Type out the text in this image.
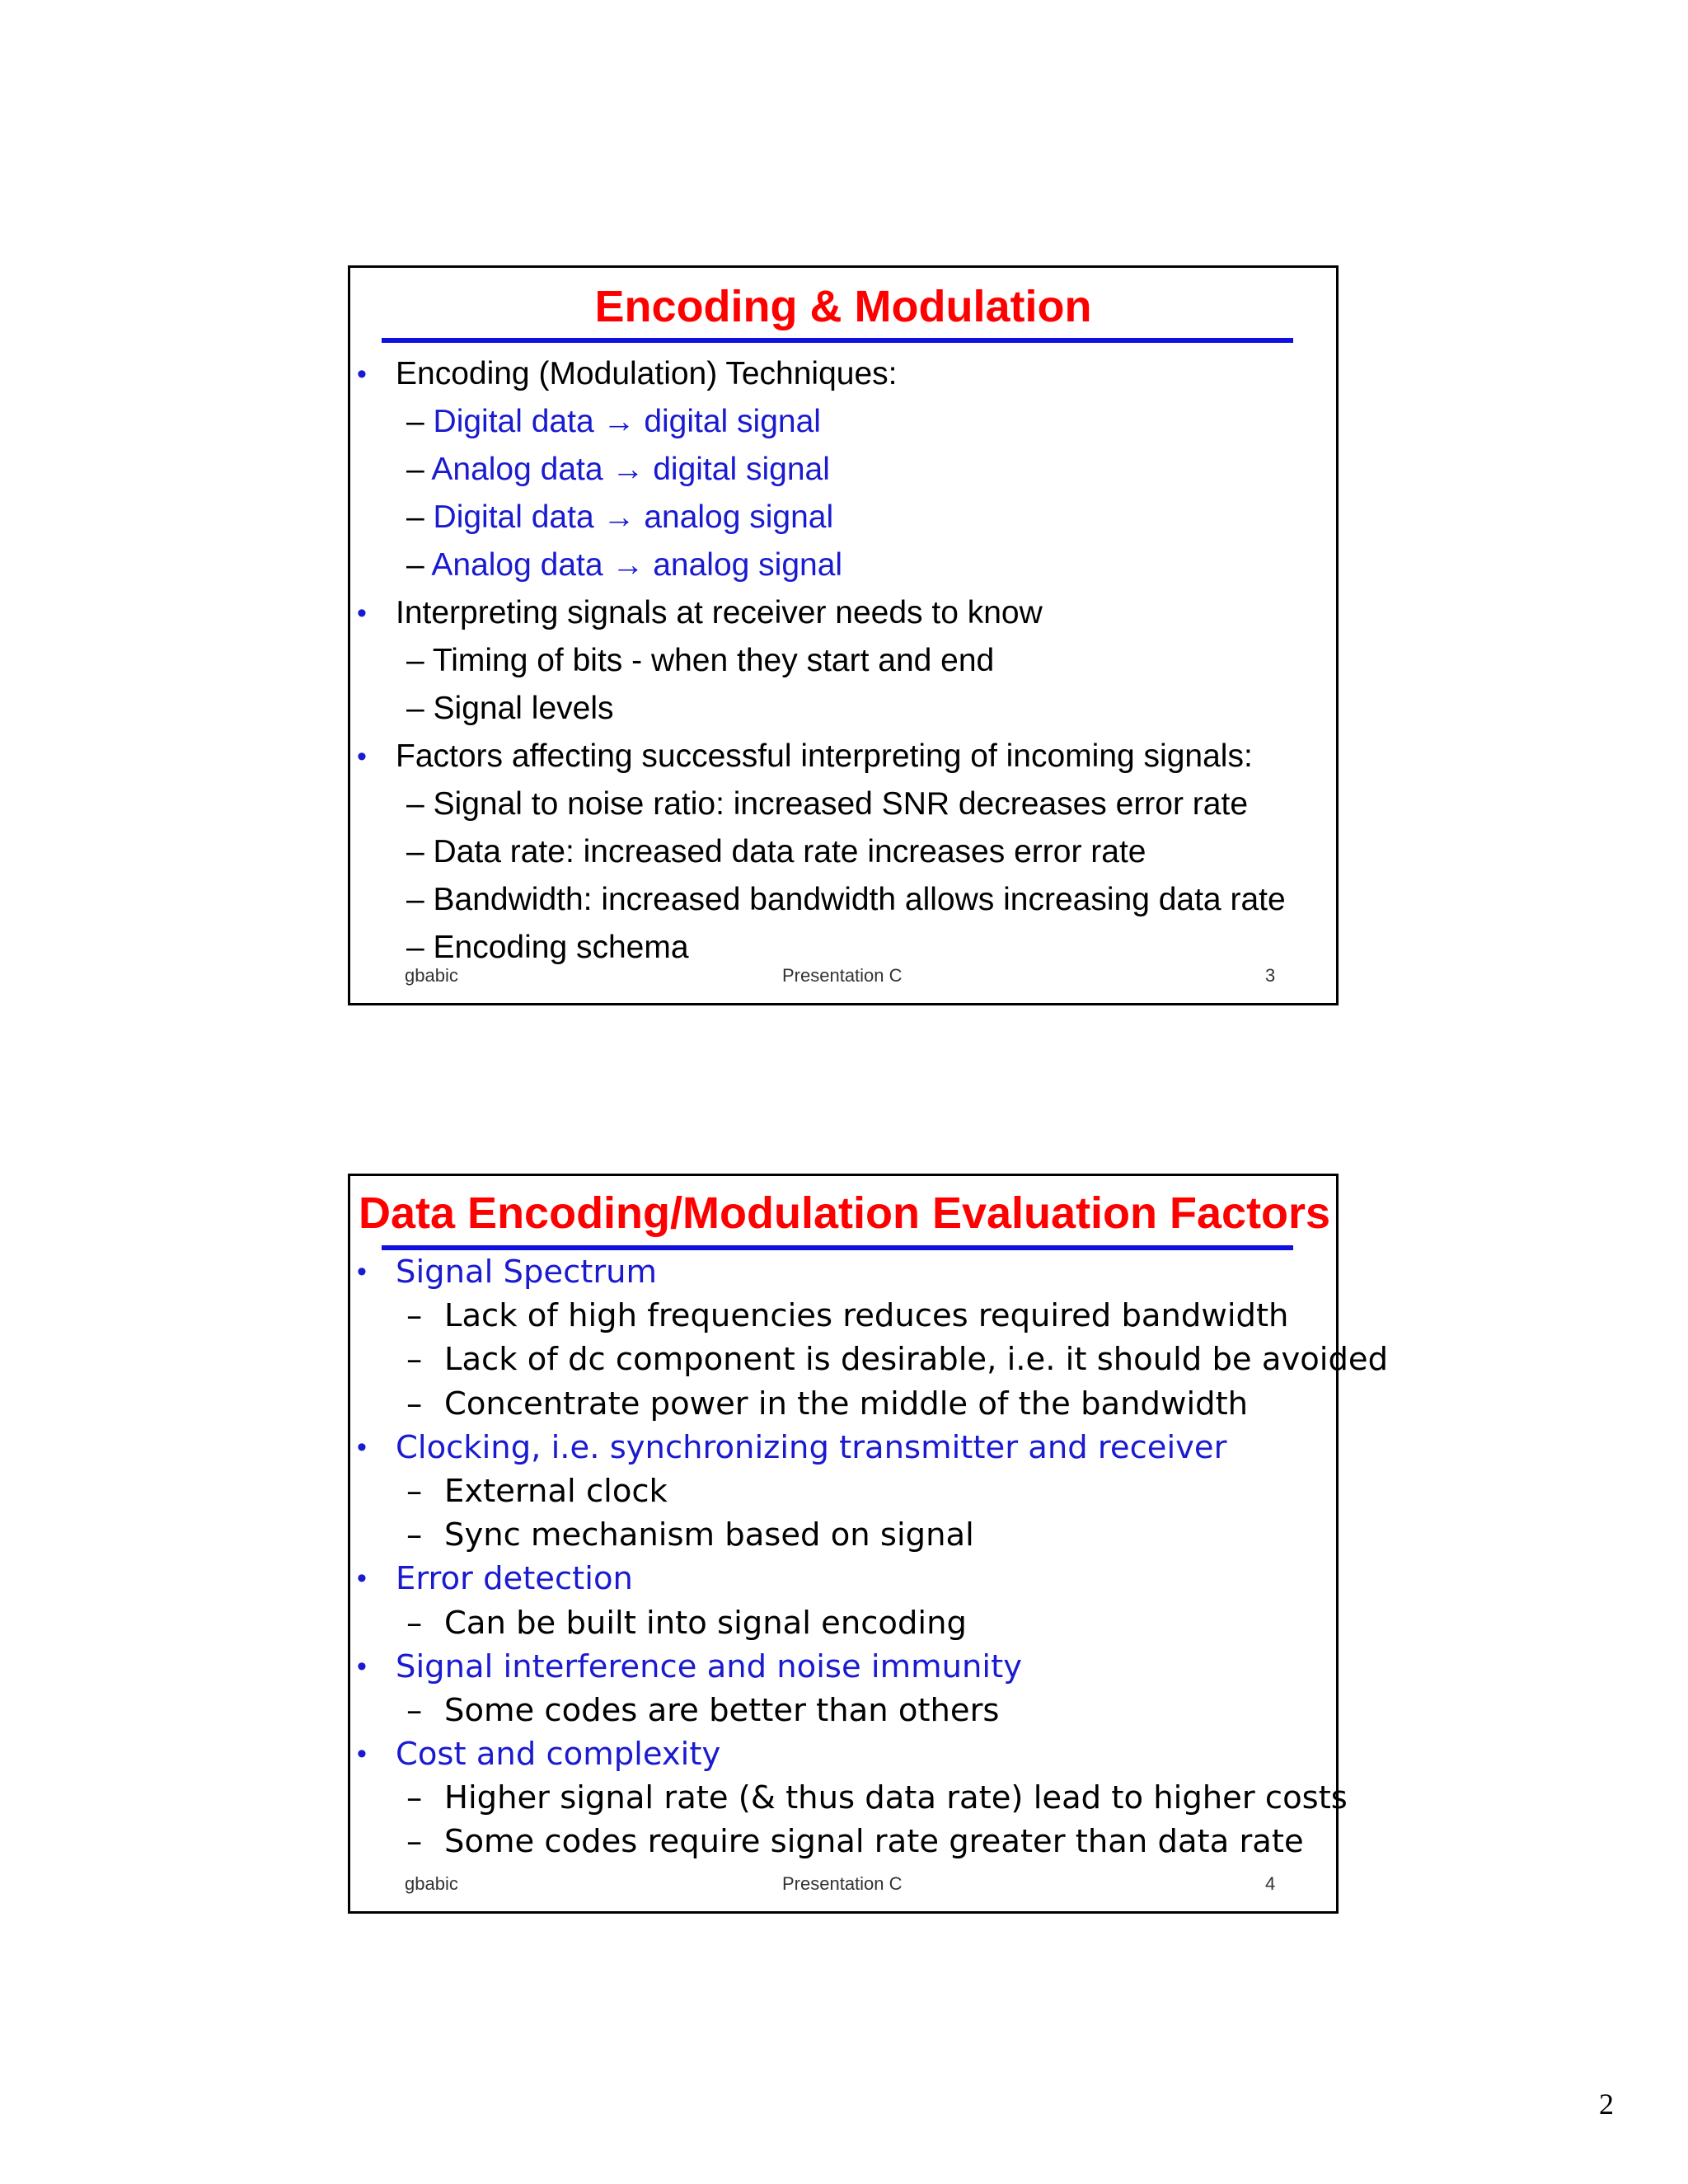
Encoding & Modulation
• Encoding (Modulation) Techniques:
– Digital data → digital signal
– Analog data → digital signal
– Digital data → analog signal
– Analog data → analog signal
• Interpreting signals at receiver needs to know
– Timing of bits - when they start and end
– Signal levels
• Factors affecting successful interpreting of incoming signals:
– Signal to noise ratio: increased SNR decreases error rate
– Data rate: increased data rate increases error rate
– Bandwidth: increased bandwidth allows increasing data rate
– Encoding schema
gbabic	Presentation C	3
Data Encoding/Modulation Evaluation Factors
• Signal Spectrum
– Lack of high frequencies reduces required bandwidth
– Lack of dc component is desirable, i.e. it should be avoided
– Concentrate power in the middle of the bandwidth
• Clocking, i.e. synchronizing transmitter and receiver
– External clock
– Sync mechanism based on signal
• Error detection
– Can be built into signal encoding
• Signal interference and noise immunity
– Some codes are better than others
• Cost and complexity
– Higher signal rate (& thus data rate) lead to higher costs
– Some codes require signal rate greater than data rate
gbabic	Presentation C	4
2
